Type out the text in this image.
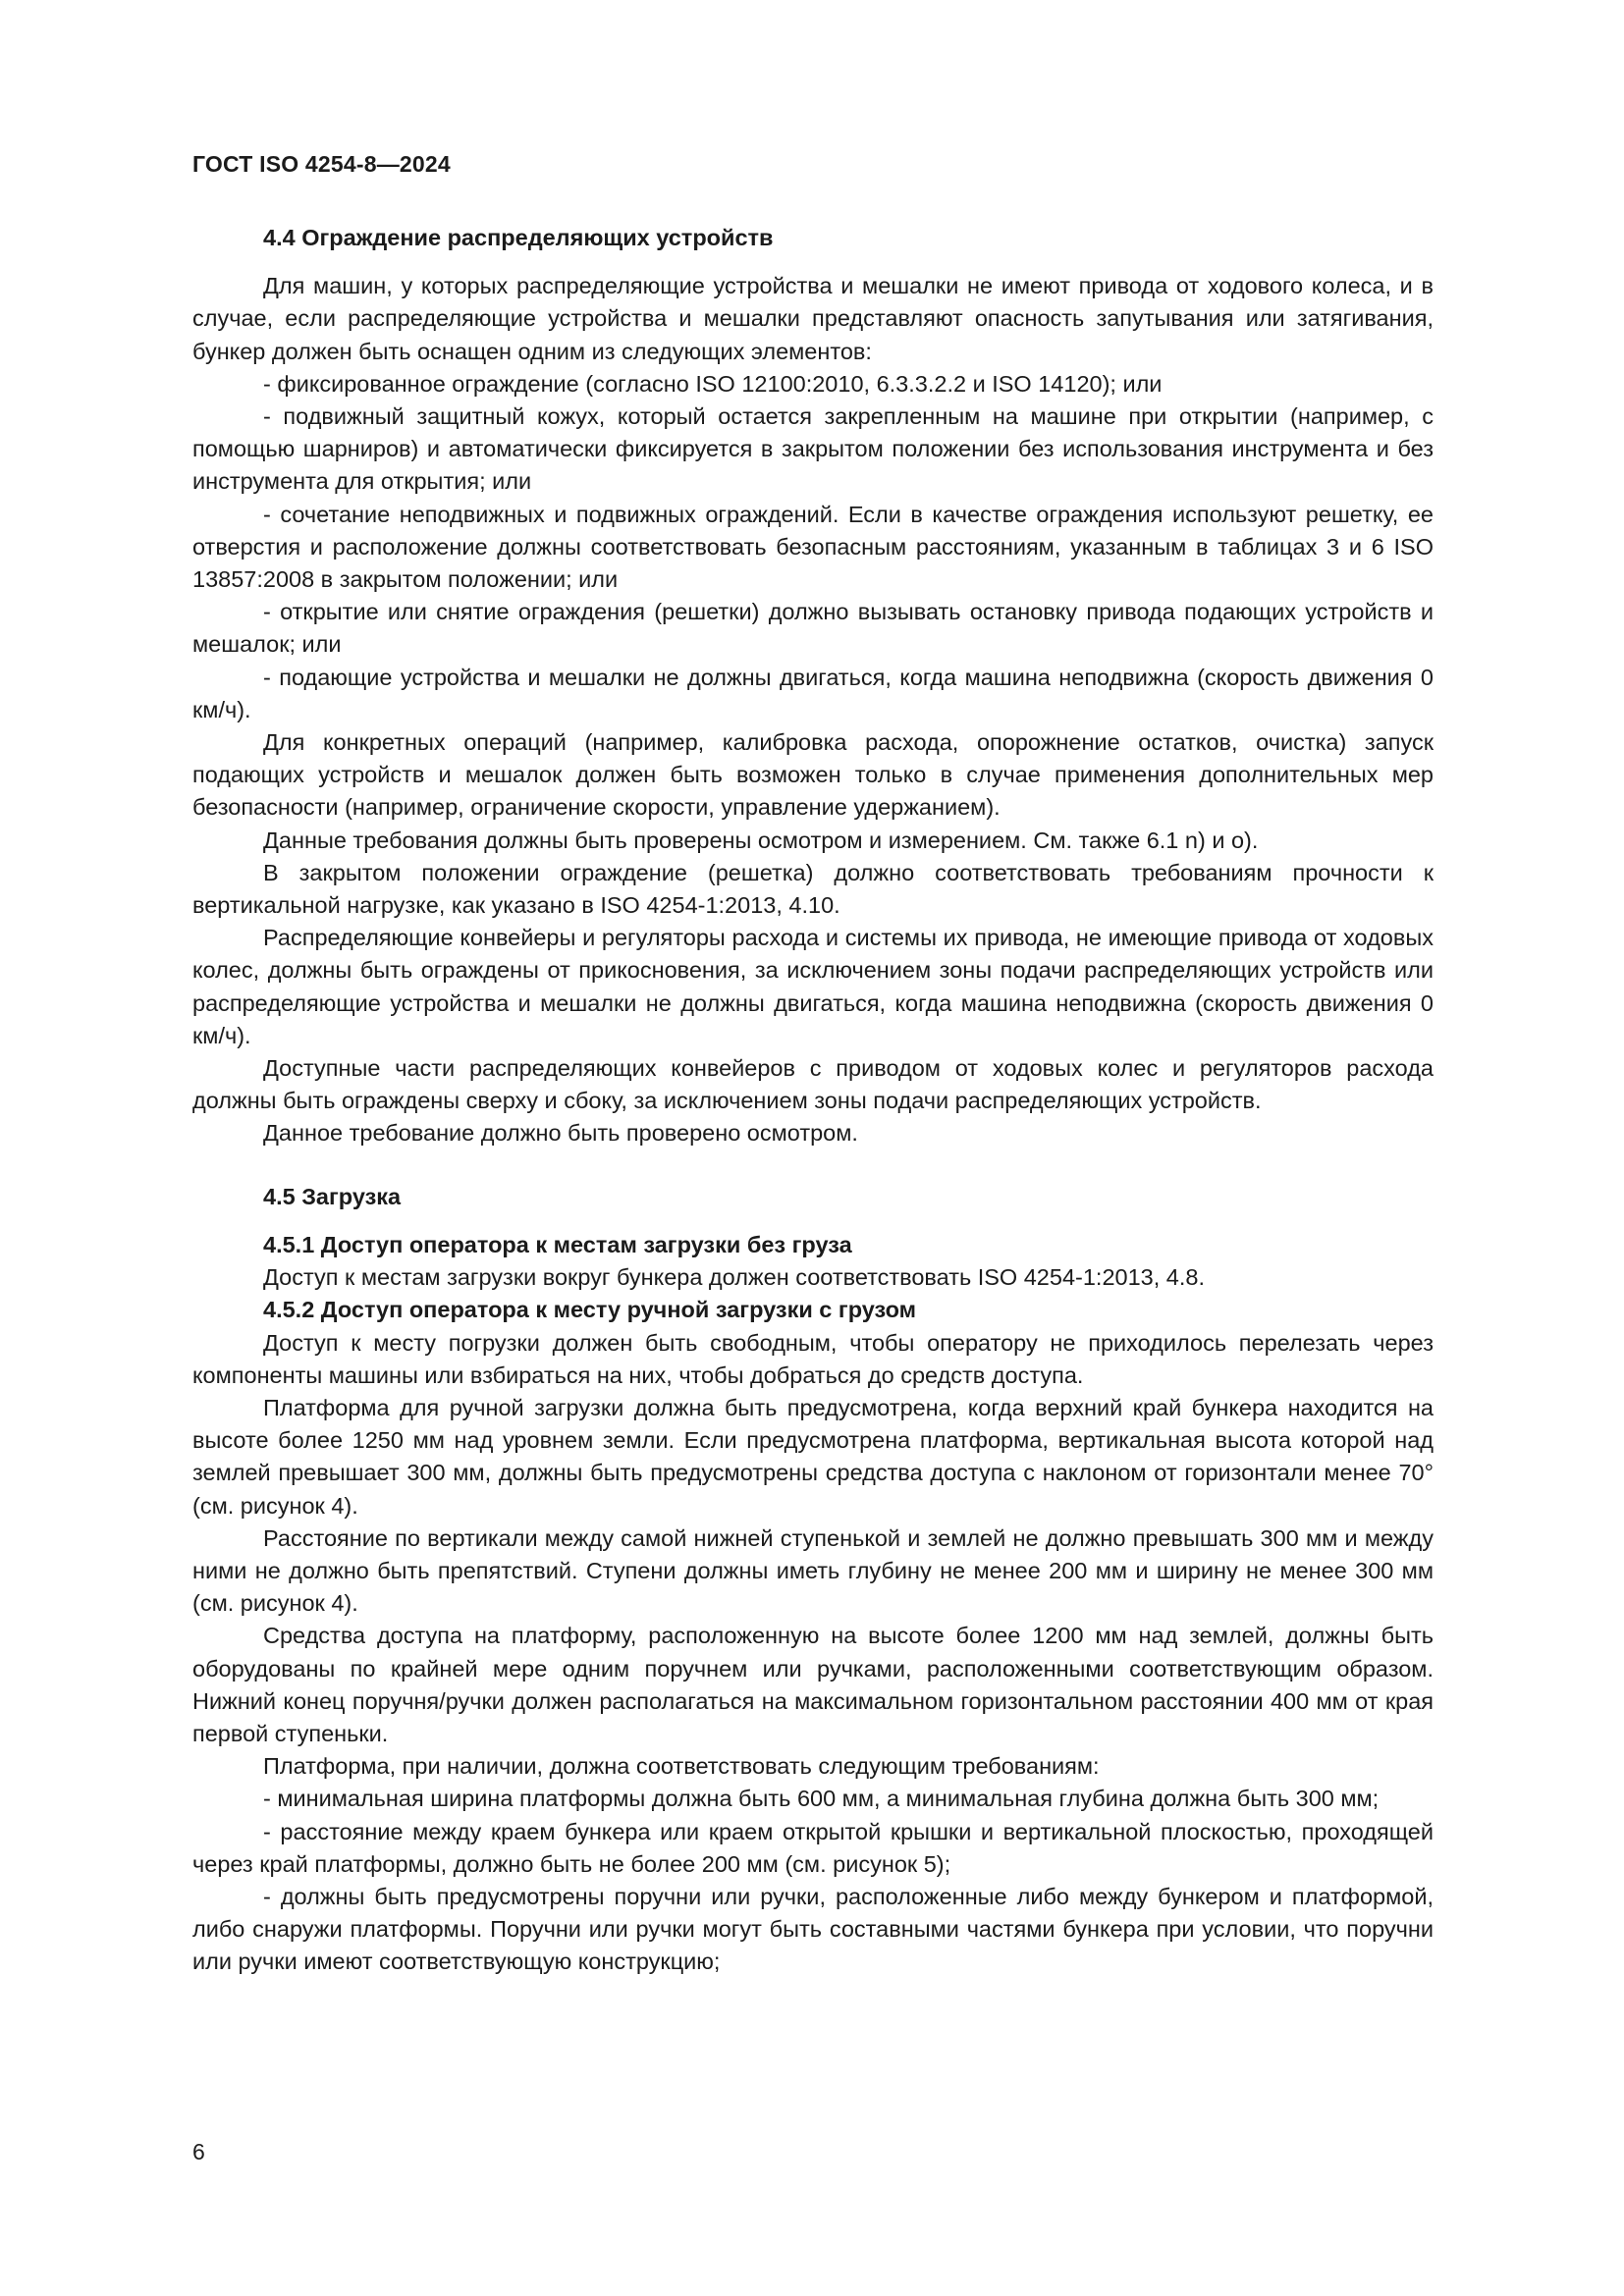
ГОСТ ISO 4254-8—2024

4.4 Ограждение распределяющих устройств

Для машин, у которых распределяющие устройства и мешалки не имеют привода от ходового колеса, и в случае, если распределяющие устройства и мешалки представляют опасность запутывания или затягивания, бункер должен быть оснащен одним из следующих элементов:

- фиксированное ограждение (согласно ISO 12100:2010, 6.3.3.2.2 и ISO 14120); или

- подвижный защитный кожух, который остается закрепленным на машине при открытии (например, с помощью шарниров) и автоматически фиксируется в закрытом положении без использования инструмента и без инструмента для открытия; или

- сочетание неподвижных и подвижных ограждений. Если в качестве ограждения используют решетку, ее отверстия и расположение должны соответствовать безопасным расстояниям, указанным в таблицах 3 и 6 ISO 13857:2008 в закрытом положении; или

- открытие или снятие ограждения (решетки) должно вызывать остановку привода подающих устройств и мешалок; или

- подающие устройства и мешалки не должны двигаться, когда машина неподвижна (скорость движения 0 км/ч).

Для конкретных операций (например, калибровка расхода, опорожнение остатков, очистка) запуск подающих устройств и мешалок должен быть возможен только в случае применения дополнительных мер безопасности (например, ограничение скорости, управление удержанием).

Данные требования должны быть проверены осмотром и измерением. См. также 6.1 n) и о).

В закрытом положении ограждение (решетка) должно соответствовать требованиям прочности к вертикальной нагрузке, как указано в ISO 4254-1:2013, 4.10.

Распределяющие конвейеры и регуляторы расхода и системы их привода, не имеющие привода от ходовых колес, должны быть ограждены от прикосновения, за исключением зоны подачи распределяющих устройств или распределяющие устройства и мешалки не должны двигаться, когда машина неподвижна (скорость движения 0 км/ч).

Доступные части распределяющих конвейеров с приводом от ходовых колес и регуляторов расхода должны быть ограждены сверху и сбоку, за исключением зоны подачи распределяющих устройств.

Данное требование должно быть проверено осмотром.

4.5 Загрузка

4.5.1 Доступ оператора к местам загрузки без груза

Доступ к местам загрузки вокруг бункера должен соответствовать ISO 4254-1:2013, 4.8.

4.5.2 Доступ оператора к месту ручной загрузки с грузом

Доступ к месту погрузки должен быть свободным, чтобы оператору не приходилось перелезать через компоненты машины или взбираться на них, чтобы добраться до средств доступа.

Платформа для ручной загрузки должна быть предусмотрена, когда верхний край бункера находится на высоте более 1250 мм над уровнем земли. Если предусмотрена платформа, вертикальная высота которой над землей превышает 300 мм, должны быть предусмотрены средства доступа с наклоном от горизонтали менее 70° (см. рисунок 4).

Расстояние по вертикали между самой нижней ступенькой и землей не должно превышать 300 мм и между ними не должно быть препятствий. Ступени должны иметь глубину не менее 200 мм и ширину не менее 300 мм (см. рисунок 4).

Средства доступа на платформу, расположенную на высоте более 1200 мм над землей, должны быть оборудованы по крайней мере одним поручнем или ручками, расположенными соответствующим образом. Нижний конец поручня/ручки должен располагаться на максимальном горизонтальном расстоянии 400 мм от края первой ступеньки.

Платформа, при наличии, должна соответствовать следующим требованиям:

- минимальная ширина платформы должна быть 600 мм, а минимальная глубина должна быть 300 мм;

- расстояние между краем бункера или краем открытой крышки и вертикальной плоскостью, проходящей через край платформы, должно быть не более 200 мм (см. рисунок 5);

- должны быть предусмотрены поручни или ручки, расположенные либо между бункером и платформой, либо снаружи платформы. Поручни или ручки могут быть составными частями бункера при условии, что поручни или ручки имеют соответствующую конструкцию;

6
